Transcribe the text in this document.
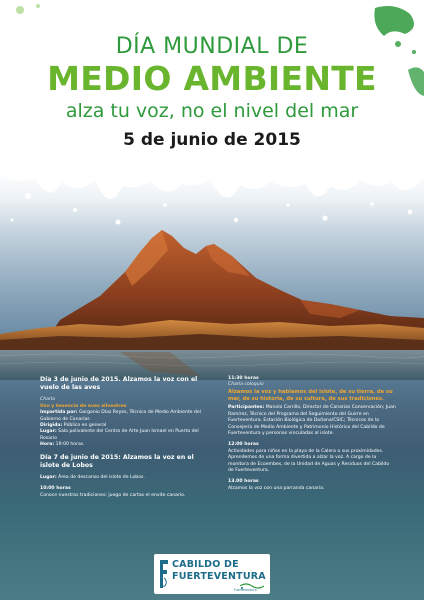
DÍA MUNDIAL DE
MEDIO AMBIENTE
alza tu voz, no el nivel del mar
5 de junio de 2015
Día 3 de junio de 2015. Alzamos la voz con el vuelo de las aves
Charla
Uso y tenencia de aves silvestres
Impartida por: Gorgonio Díaz Reyes, Técnico de Medio Ambiente del Gobierno de Canarias
Dirigida: Público en general
Lugar: Sala polivalente del Centro de Arte Juan Ismael en Puerto del Rosario
Hora: 19:00 horas.
Día 7 de junio de 2015: Alzamos la voz en el islote de Lobos
Lugar: Área de descanso del islote de Lobos.
10:00 horas
Conoce nuestras tradiciones: juego de cartas el envite canario.
11:30 horas
Charla coloquio
Alzamos la voz y hablamos del islote, de su tierra, de su mar, de su historia, de su cultura, de sus tradiciones.
Participantes: Manolo Carrillo, Director de Canarias Conservación; Juan Ramírez, Técnico del Programa del Seguimiento del Guirre en Fuerteventura. Estación Biológica de Doñana/CSIC; Técnicos de la Consejería de Medio Ambiente y Patrimonio Histórico del Cabildo de Fuerteventura y personas vinculadas al islote.
12:00 horas
Actividades para niños en la playa de la Calera o sus proximidades. Aprendemos de una forma divertida a alzar la voz. A cargo de la monitora de Ecoembes, de la Unidad de Aguas y Residuos del Cabildo de Fuerteventura.
13.00 horas
Alzamos la voz con una parranda canaria.
CABILDO DE
FUERTEVENTURA
Fuerteventura
